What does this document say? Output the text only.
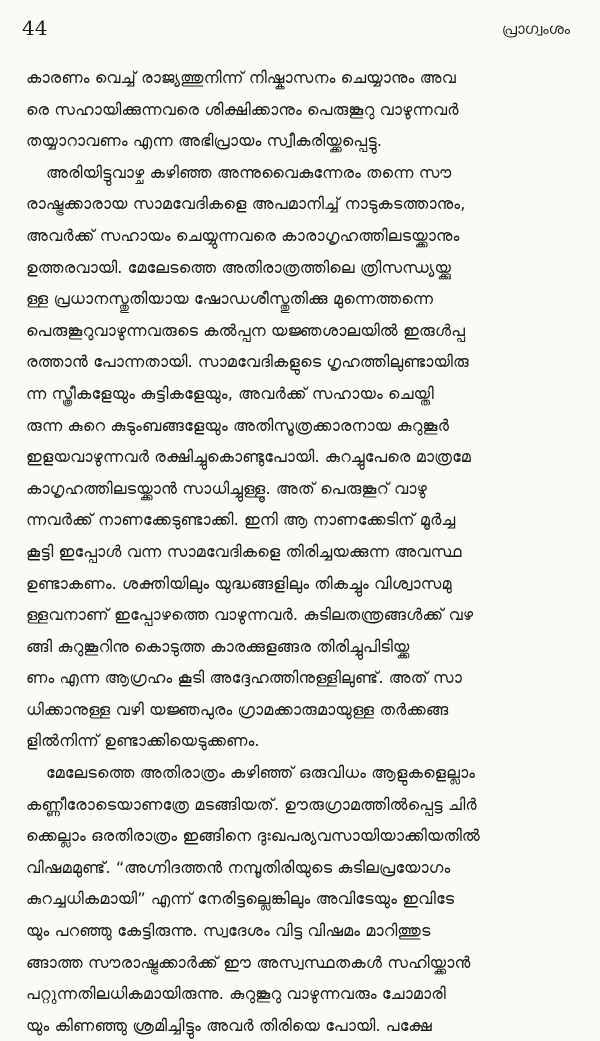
44	പ്രാഗ്വംശം
കാരണം വെച്ച് രാജ്യത്തുനിന്ന് നിഷ്കാസനം ചെയ്യാനും അവ
രെ സഹായിക്കുന്നവരെ ശിക്ഷിക്കാനും പെരുങ്കൂറു വാഴുന്നവർ
തയ്യാറാവണം എന്ന അഭിപ്രായം സ്വീകരിയ്ക്കപ്പെട്ടു.
അരിയിട്ടുവാഴ്ച കഴിഞ്ഞ അന്നുവൈകുന്നേരം തന്നെ സൗ
രാഷ്ട്രക്കാരായ സാമവേദികളെ അപമാനിച്ച് നാടുകടത്താനും,
അവർക്ക് സഹായം ചെയ്യുന്നവരെ കാരാഗൃഹത്തിലടയ്ക്കാനും
ഉത്തരവായി. മേലേടത്തെ അതിരാത്രത്തിലെ ത്രിസന്ധ്യയ്ക്കു
ള്ള പ്രധാനസ്തുതിയായ ഷോഡശീസ്തുതിക്കു മുന്നെത്തന്നെ
പെരുങ്കൂറുവാഴുന്നവരുടെ കൽപ്പന യജ്ഞശാലയിൽ ഇരുൾപ്പ
രത്താൻ പോന്നതായി. സാമവേദികളുടെ ഗൃഹത്തിലുണ്ടായിരു
ന്ന സ്ത്രീകളേയും കുട്ടികളേയും, അവർക്ക് സഹായം ചെയ്തി
രുന്ന കുറെ കുടുംബങ്ങളേയും അതിസൂത്രക്കാരനായ കുറുങ്കൂർ
ഇളയവാഴുന്നവർ രക്ഷിച്ചുകൊണ്ടുപോയി. കുറച്ചുപേരെ മാത്രമേ
കാഗൃഹത്തിലടയ്ക്കാൻ സാധിച്ചുള്ളൂ. അത് പെരുങ്കൂറ് വാഴു
ന്നവർക്ക് നാണക്കേടുണ്ടാക്കി. ഇനി ആ നാണക്കേടിന് മൂർച്ച
കൂട്ടി ഇപ്പോൾ വന്ന സാമവേദികളെ തിരിച്ചയക്കുന്ന അവസ്ഥ
ഉണ്ടാകണം. ശക്തിയിലും യുദ്ധങ്ങളിലും തികച്ചും വിശ്വാസമു
ള്ളവനാണ് ഇപ്പോഴത്തെ വാഴുന്നവർ. കുടിലതന്ത്രങ്ങൾക്ക് വഴ
ങ്ങി കുറുങ്കൂറിനു കൊടുത്ത കാരക്കുളങ്ങര തിരിച്ചുപിടിയ്ക്ക
ണം എന്ന ആഗ്രഹം കൂടി അദ്ദേഹത്തിനുള്ളിലുണ്ട്. അത് സാ
ധിക്കാനുള്ള വഴി യജ്ഞപുരം ഗ്രാമക്കാരുമായുള്ള തർക്കങ്ങ
ളിൽനിന്ന് ഉണ്ടാക്കിയെടുക്കണം.
മേലേടത്തെ അതിരാത്രം കഴിഞ്ഞ് ഒരുവിധം ആളുകളെല്ലാം
കണ്ണീരോടെയാണത്രേ മടങ്ങിയത്. ഊരുഗ്രാമത്തിൽപ്പെട്ട ചിർ
ക്കെല്ലാം ഒരതിരാത്രം ഇങ്ങിനെ ദുഃഖപര്യവസായിയാക്കിയതിൽ
വിഷമമുണ്ട്. “അഗ്നിദത്തൻ നമ്പൂതിരിയുടെ കുടിലപ്രയോഗം
കുറച്ചധികമായി” എന്ന് നേരിട്ടല്ലെങ്കിലും അവിടേയും ഇവിടേ
യും പറഞ്ഞു കേട്ടിരുന്നു. സ്വദേശം വിട്ട വിഷമം മാറിത്തുട
ങ്ങാത്ത സൗരാഷ്ട്രക്കാർക്ക് ഈ അസ്വസ്ഥതകൾ സഹിയ്ക്കാൻ
പറ്റുന്നതിലധികമായിരുന്നു. കുറുങ്കൂറു വാഴുന്നവരും ചോമാരി
യും കിണഞ്ഞു ശ്രമിച്ചിട്ടും അവർ തിരിയെ പോയി. പക്ഷേ
